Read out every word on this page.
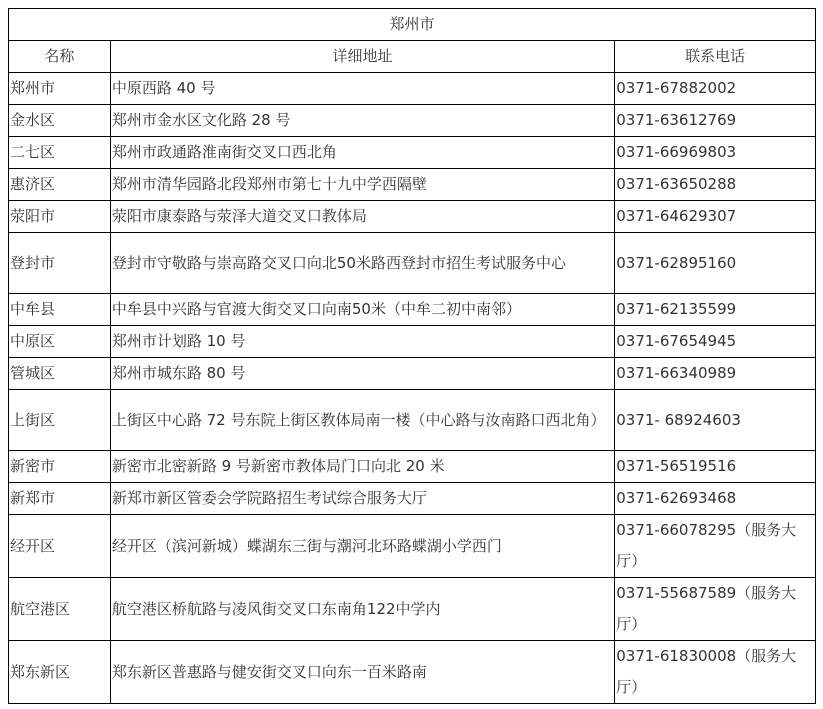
郑州市		
名称	详细地址	联系电话
郑州市	中原西路 40 号	0371-67882002
金水区	郑州市金水区文化路 28 号	0371-63612769
二七区	郑州市政通路淮南街交叉口西北角	0371-66969803
惠济区	郑州市清华园路北段郑州市第七十九中学西隔壁	0371-63650288
荥阳市	荥阳市康泰路与荥泽大道交叉口教体局	0371-64629307
登封市	登封市守敬路与崇高路交叉口向北50米路西登封市招生考试服务中心	0371-62895160
中牟县	中牟县中兴路与官渡大街交叉口向南50米（中牟二初中南邻）	0371-62135599
中原区	郑州市计划路 10 号	0371-67654945
管城区	郑州市城东路 80 号	0371-66340989
上街区	上街区中心路 72 号东院上街区教体局南一楼（中心路与汝南路口西北角）	0371- 68924603
新密市	新密市北密新路 9 号新密市教体局门口向北 20 米	0371-56519516
新郑市	新郑市新区管委会学院路招生考试综合服务大厅	0371-62693468
经开区	经开区（滨河新城）蝶湖东三街与潮河北环路蝶湖小学西门	0371-66078295（服务大厅）
航空港区	航空港区桥航路与凌风街交叉口东南角122中学内	0371-55687589（服务大厅）
郑东新区	郑东新区普惠路与健安街交叉口向东一百米路南	0371-61830008（服务大厅）
